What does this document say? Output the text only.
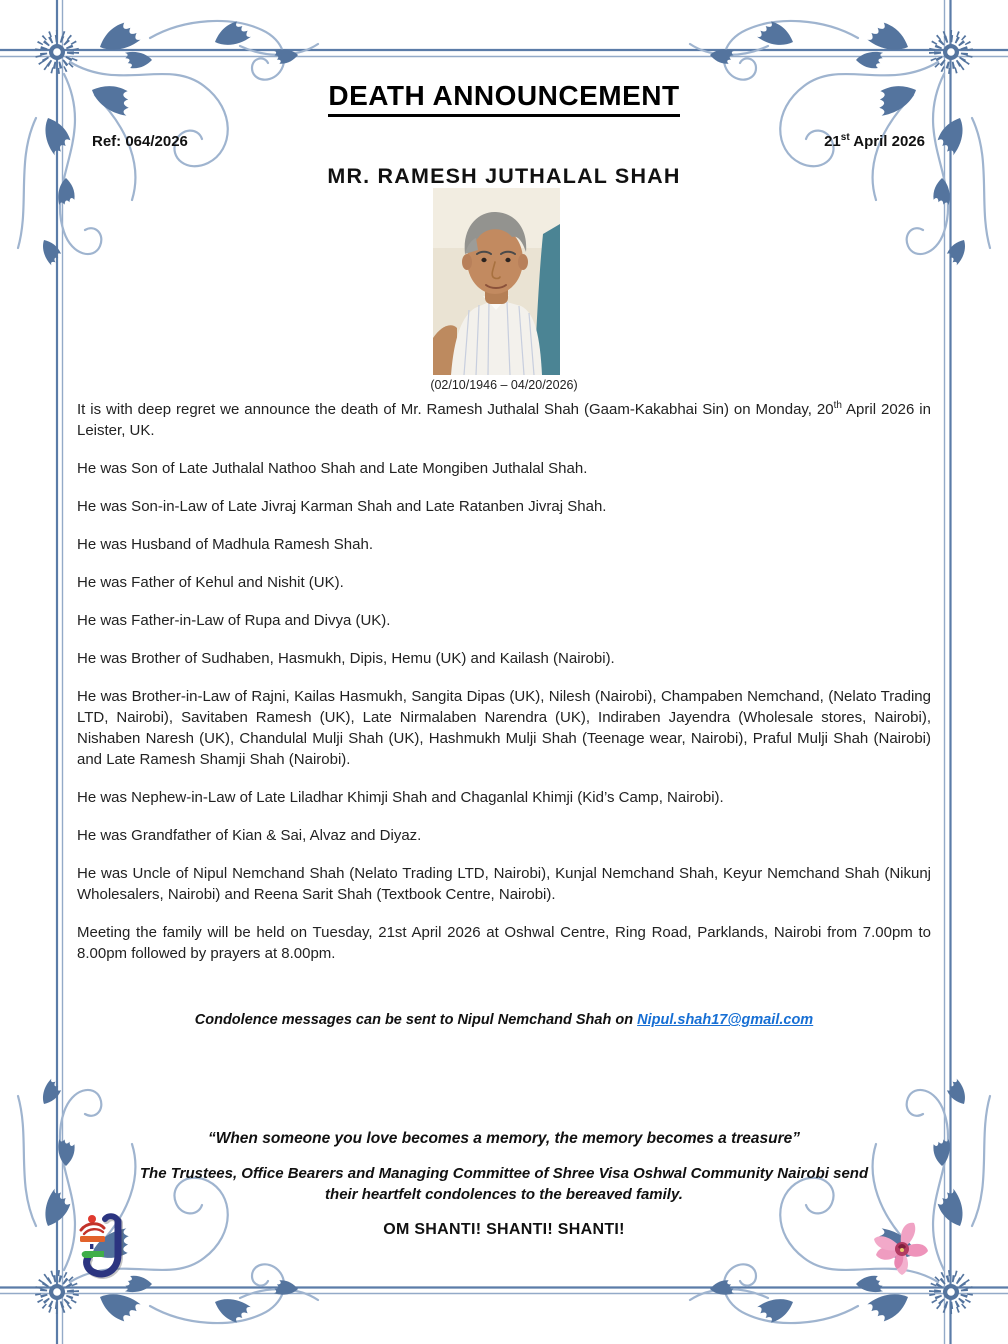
DEATH ANNOUNCEMENT
Ref: 064/2026	21st April 2026
MR. RAMESH JUTHALAL SHAH
(02/10/1946 – 04/20/2026)

It is with deep regret we announce the death of Mr. Ramesh Juthalal Shah (Gaam-Kakabhai Sin) on Monday, 20th April 2026 in Leister, UK.

He was Son of Late Juthalal Nathoo Shah and Late Mongiben Juthalal Shah.

He was Son-in-Law of Late Jivraj Karman Shah and Late Ratanben Jivraj Shah.

He was Husband of Madhula Ramesh Shah.

He was Father of Kehul and Nishit (UK).

He was Father-in-Law of Rupa and Divya (UK).

He was Brother of Sudhaben, Hasmukh, Dipis, Hemu (UK) and Kailash (Nairobi).

He was Brother-in-Law of Rajni, Kailas Hasmukh, Sangita Dipas (UK), Nilesh (Nairobi), Champaben Nemchand, (Nelato Trading LTD, Nairobi), Savitaben Ramesh (UK), Late Nirmalaben Narendra (UK), Indiraben Jayendra (Wholesale stores, Nairobi), Nishaben Naresh (UK), Chandulal Mulji Shah (UK), Hashmukh Mulji Shah (Teenage wear, Nairobi), Praful Mulji Shah (Nairobi) and Late Ramesh Shamji Shah (Nairobi).

He was Nephew-in-Law of Late Liladhar Khimji Shah and Chaganlal Khimji (Kid’s Camp, Nairobi).

He was Grandfather of Kian & Sai, Alvaz and Diyaz.

He was Uncle of Nipul Nemchand Shah (Nelato Trading LTD, Nairobi), Kunjal Nemchand Shah, Keyur Nemchand Shah (Nikunj Wholesalers, Nairobi) and Reena Sarit Shah (Textbook Centre, Nairobi).

Meeting the family will be held on Tuesday, 21st April 2026 at Oshwal Centre, Ring Road, Parklands, Nairobi from 7.00pm to 8.00pm followed by prayers at 8.00pm.

Condolence messages can be sent to Nipul Nemchand Shah on Nipul.shah17@gmail.com
“When someone you love becomes a memory, the memory becomes a treasure”
The Trustees, Office Bearers and Managing Committee of Shree Visa Oshwal Community Nairobi send their heartfelt condolences to the bereaved family.
OM SHANTI! SHANTI! SHANTI!
